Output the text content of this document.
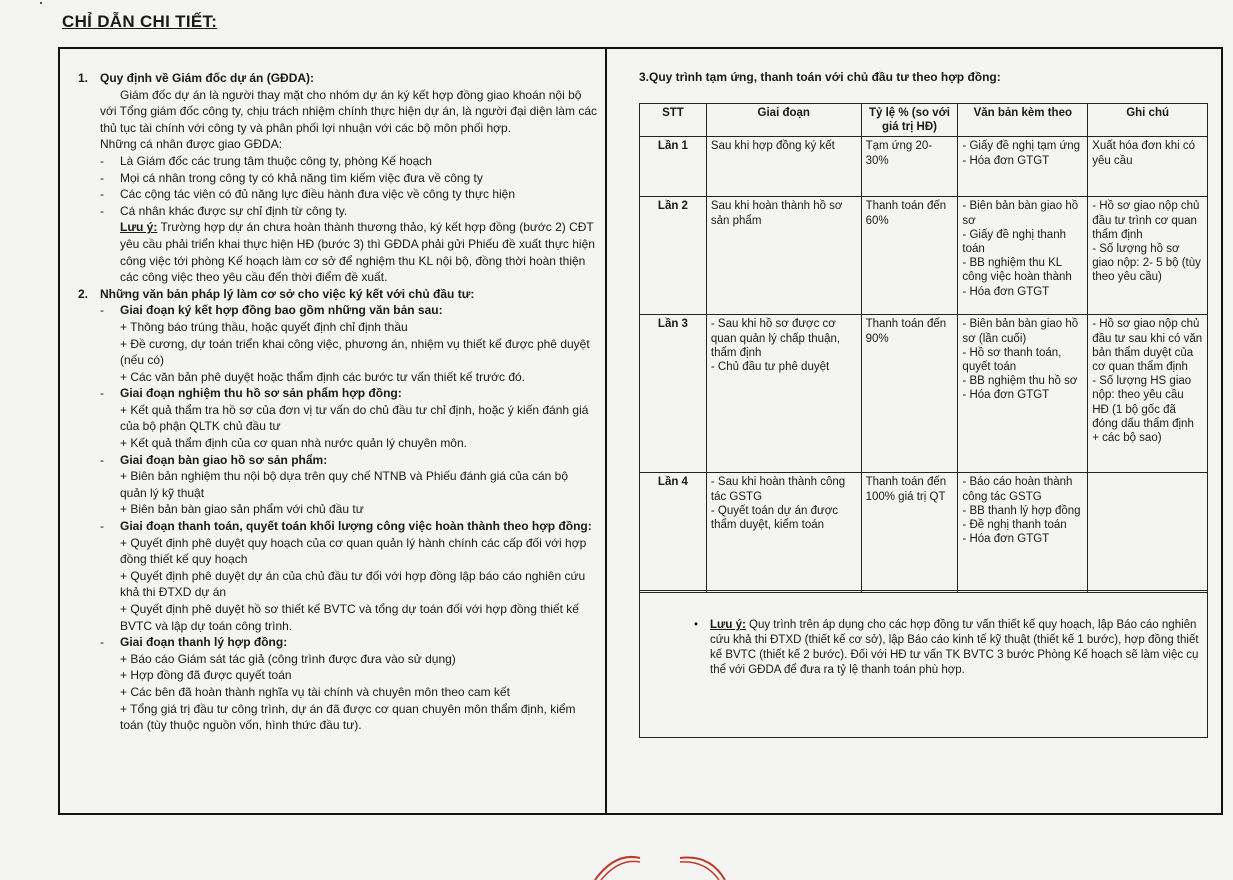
CHỈ DẪN CHI TIẾT:
1. Quy định về Giám đốc dự án (GĐDA):
Giám đốc dự án là người thay mặt cho nhóm dự án ký kết hợp đồng giao khoán nội bộ với Tổng giám đốc công ty, chịu trách nhiệm chính thực hiện dự án, là người đại diện làm các thủ tục tài chính với công ty và phân phối lợi nhuận với các bộ môn phối hợp.
Những cá nhân được giao GĐDA:
-	Là Giám đốc các trung tâm thuộc công ty, phòng Kế hoạch
-	Mọi cá nhân trong công ty có khả năng tìm kiếm việc đưa về công ty
-	Các cộng tác viên có đủ năng lực điều hành đưa việc về công ty thực hiện
-	Cá nhân khác được sự chỉ định từ công ty.
Lưu ý: Trường hợp dự án chưa hoàn thành thương thảo, ký kết hợp đồng (bước 2) CĐT yêu cầu phải triển khai thực hiện HĐ (bước 3) thì GĐDA phải gửi Phiếu đề xuất thực hiện công việc tới phòng Kế hoạch làm cơ sở để nghiệm thu KL nội bộ, đồng thời hoàn thiện các công việc theo yêu cầu đến thời điểm đề xuất.
2. Những văn bản pháp lý làm cơ sở cho việc ký kết với chủ đầu tư:
-	Giai đoạn ký kết hợp đồng bao gồm những văn bản sau:
+ Thông báo trúng thầu, hoặc quyết định chỉ định thầu
+ Đề cương, dự toán triển khai công việc, phương án, nhiệm vụ thiết kế được phê duyệt (nếu có)
+ Các văn bản phê duyệt hoặc thẩm định các bước tư vấn thiết kế trước đó.
-	Giai đoạn nghiệm thu hồ sơ sản phẩm hợp đồng:
+ Kết quả thẩm tra hồ sơ của đơn vị tư vấn do chủ đầu tư chỉ định, hoặc ý kiến đánh giá của bộ phận QLTK chủ đầu tư
+ Kết quả thẩm định của cơ quan nhà nước quản lý chuyên môn.
-	Giai đoạn bàn giao hồ sơ sản phẩm:
+ Biên bản nghiệm thu nội bộ dựa trên quy chế NTNB và Phiếu đánh giá của cán bộ quản lý kỹ thuật
+ Biên bản bàn giao sản phẩm với chủ đầu tư
-	Giai đoạn thanh toán, quyết toán khối lượng công việc hoàn thành theo hợp đồng:
+ Quyết định phê duyệt quy hoạch của cơ quan quản lý hành chính các cấp đối với hợp đồng thiết kế quy hoạch
+ Quyết định phê duyệt dự án của chủ đầu tư đối với hợp đồng lập báo cáo nghiên cứu khả thi ĐTXD dự án
+ Quyết định phê duyệt hồ sơ thiết kế BVTC và tổng dự toán đối với hợp đồng thiết kế BVTC và lập dự toán công trình.
-	Giai đoạn thanh lý hợp đồng:
+ Báo cáo Giám sát tác giả (công trình được đưa vào sử dụng)
+ Hợp đồng đã được quyết toán
+ Các bên đã hoàn thành nghĩa vụ tài chính và chuyên môn theo cam kết
+ Tổng giá trị đầu tư công trình, dự án đã được cơ quan chuyên môn thẩm định, kiểm toán (tùy thuộc nguồn vốn, hình thức đầu tư).
3.Quy trình tạm ứng, thanh toán với chủ đầu tư theo hợp đồng:
STT	Giai đoạn	Tỷ lệ % (so với giá trị HĐ)	Văn bản kèm theo	Ghi chú
Lần 1	Sau khi hợp đồng ký kết	Tạm ứng 20-30%	- Giấy đề nghị tạm ứng
- Hóa đơn GTGT	Xuất hóa đơn khi có yêu cầu
Lần 2	Sau khi hoàn thành hồ sơ sản phẩm	Thanh toán đến 60%	- Biên bản bàn giao hồ sơ
- Giấy đề nghị thanh toán
- BB nghiệm thu KL công việc hoàn thành
- Hóa đơn GTGT	- Hồ sơ giao nộp chủ đầu tư trình cơ quan thẩm định
- Số lượng hồ sơ giao nộp: 2- 5 bộ (tùy theo yêu cầu)
Lần 3	- Sau khi hồ sơ được cơ quan quản lý chấp thuận, thẩm định
- Chủ đầu tư phê duyệt	Thanh toán đến 90%	- Biên bản bàn giao hồ sơ (lần cuối)
- Hồ sơ thanh toán, quyết toán
- BB nghiệm thu hồ sơ
- Hóa đơn GTGT	- Hồ sơ giao nộp chủ đầu tư sau khi có văn bản thẩm duyệt của cơ quan thẩm định
- Số lượng HS giao nộp: theo yêu cầu HĐ (1 bộ gốc đã đóng dấu thẩm định + các bộ sao)
Lần 4	- Sau khi hoàn thành công tác GSTG
- Quyết toán dự án được thẩm duyệt, kiểm toán	Thanh toán đến 100% giá trị QT	- Báo cáo hoàn thành công tác GSTG
- BB thanh lý hợp đồng
- Đề nghị thanh toán
- Hóa đơn GTGT	
•	Lưu ý: Quy trình trên áp dụng cho các hợp đồng tư vấn thiết kế quy hoạch, lập Báo cáo nghiên cứu khả thi ĐTXD (thiết kế cơ sở), lập Báo cáo kinh tế kỹ thuật (thiết kế 1 bước), hợp đồng thiết kế BVTC (thiết kế 2 bước). Đối với HĐ tư vấn TK BVTC 3 bước Phòng Kế hoạch sẽ làm việc cụ thể với GĐDA để đưa ra tỷ lệ thanh toán phù hợp.
